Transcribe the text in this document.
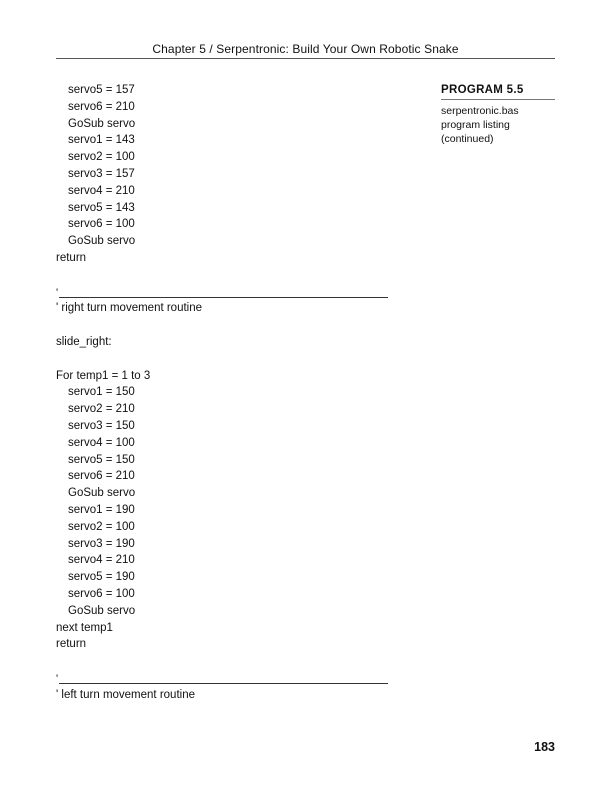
Chapter 5 / Serpentronic: Build Your Own Robotic Snake
PROGRAM 5.5
serpentronic.bas
program listing
(continued)
servo5 = 157
servo6 = 210
GoSub servo
servo1 = 143
servo2 = 100
servo3 = 157
servo4 = 210
servo5 = 143
servo6 = 100
GoSub servo
return
'
' right turn movement routine
slide_right:
For temp1 = 1 to 3
servo1 = 150
servo2 = 210
servo3 = 150
servo4 = 100
servo5 = 150
servo6 = 210
GoSub servo
servo1 = 190
servo2 = 100
servo3 = 190
servo4 = 210
servo5 = 190
servo6 = 100
GoSub servo
next temp1
return
'
' left turn movement routine
183
